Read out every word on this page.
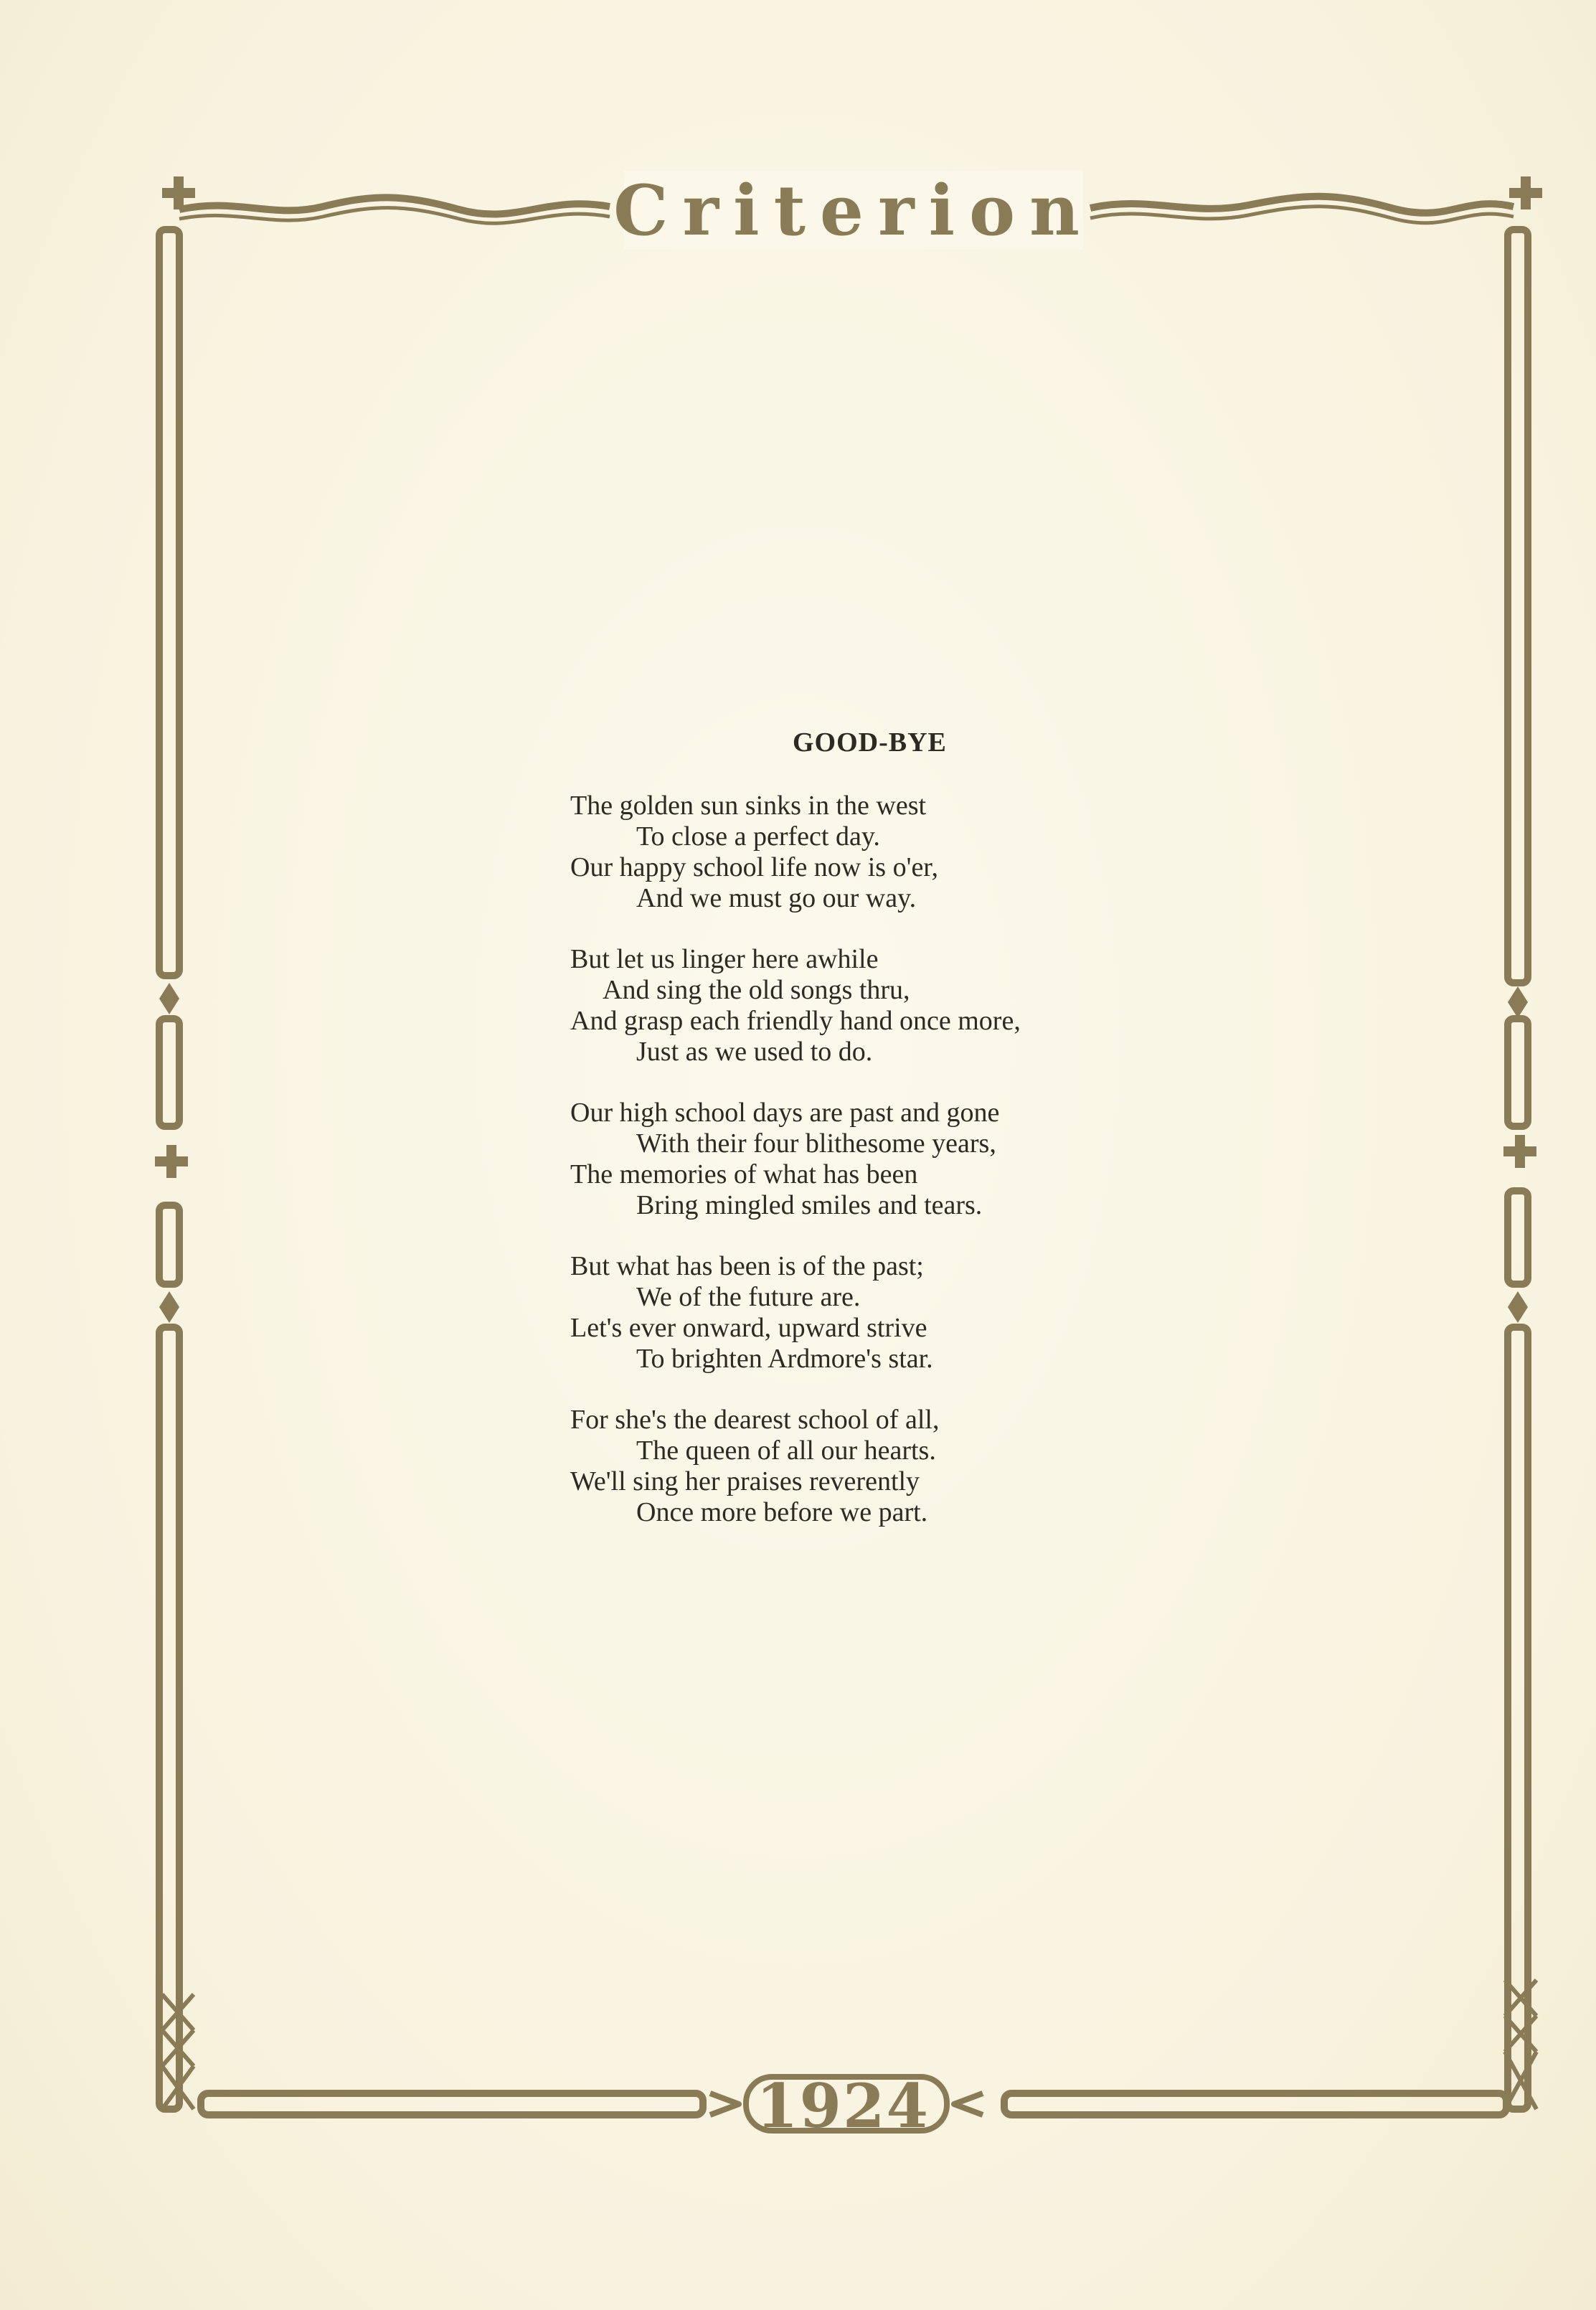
Criterion
GOOD-BYE
The golden sun sinks in the west
To close a perfect day.
Our happy school life now is o'er,
And we must go our way.
But let us linger here awhile
And sing the old songs thru,
And grasp each friendly hand once more,
Just as we used to do.
Our high school days are past and gone
With their four blithesome years,
The memories of what has been
Bring mingled smiles and tears.
But what has been is of the past;
We of the future are.
Let's ever onward, upward strive
To brighten Ardmore's star.
For she's the dearest school of all,
The queen of all our hearts.
We'll sing her praises reverently
Once more before we part.
1924
